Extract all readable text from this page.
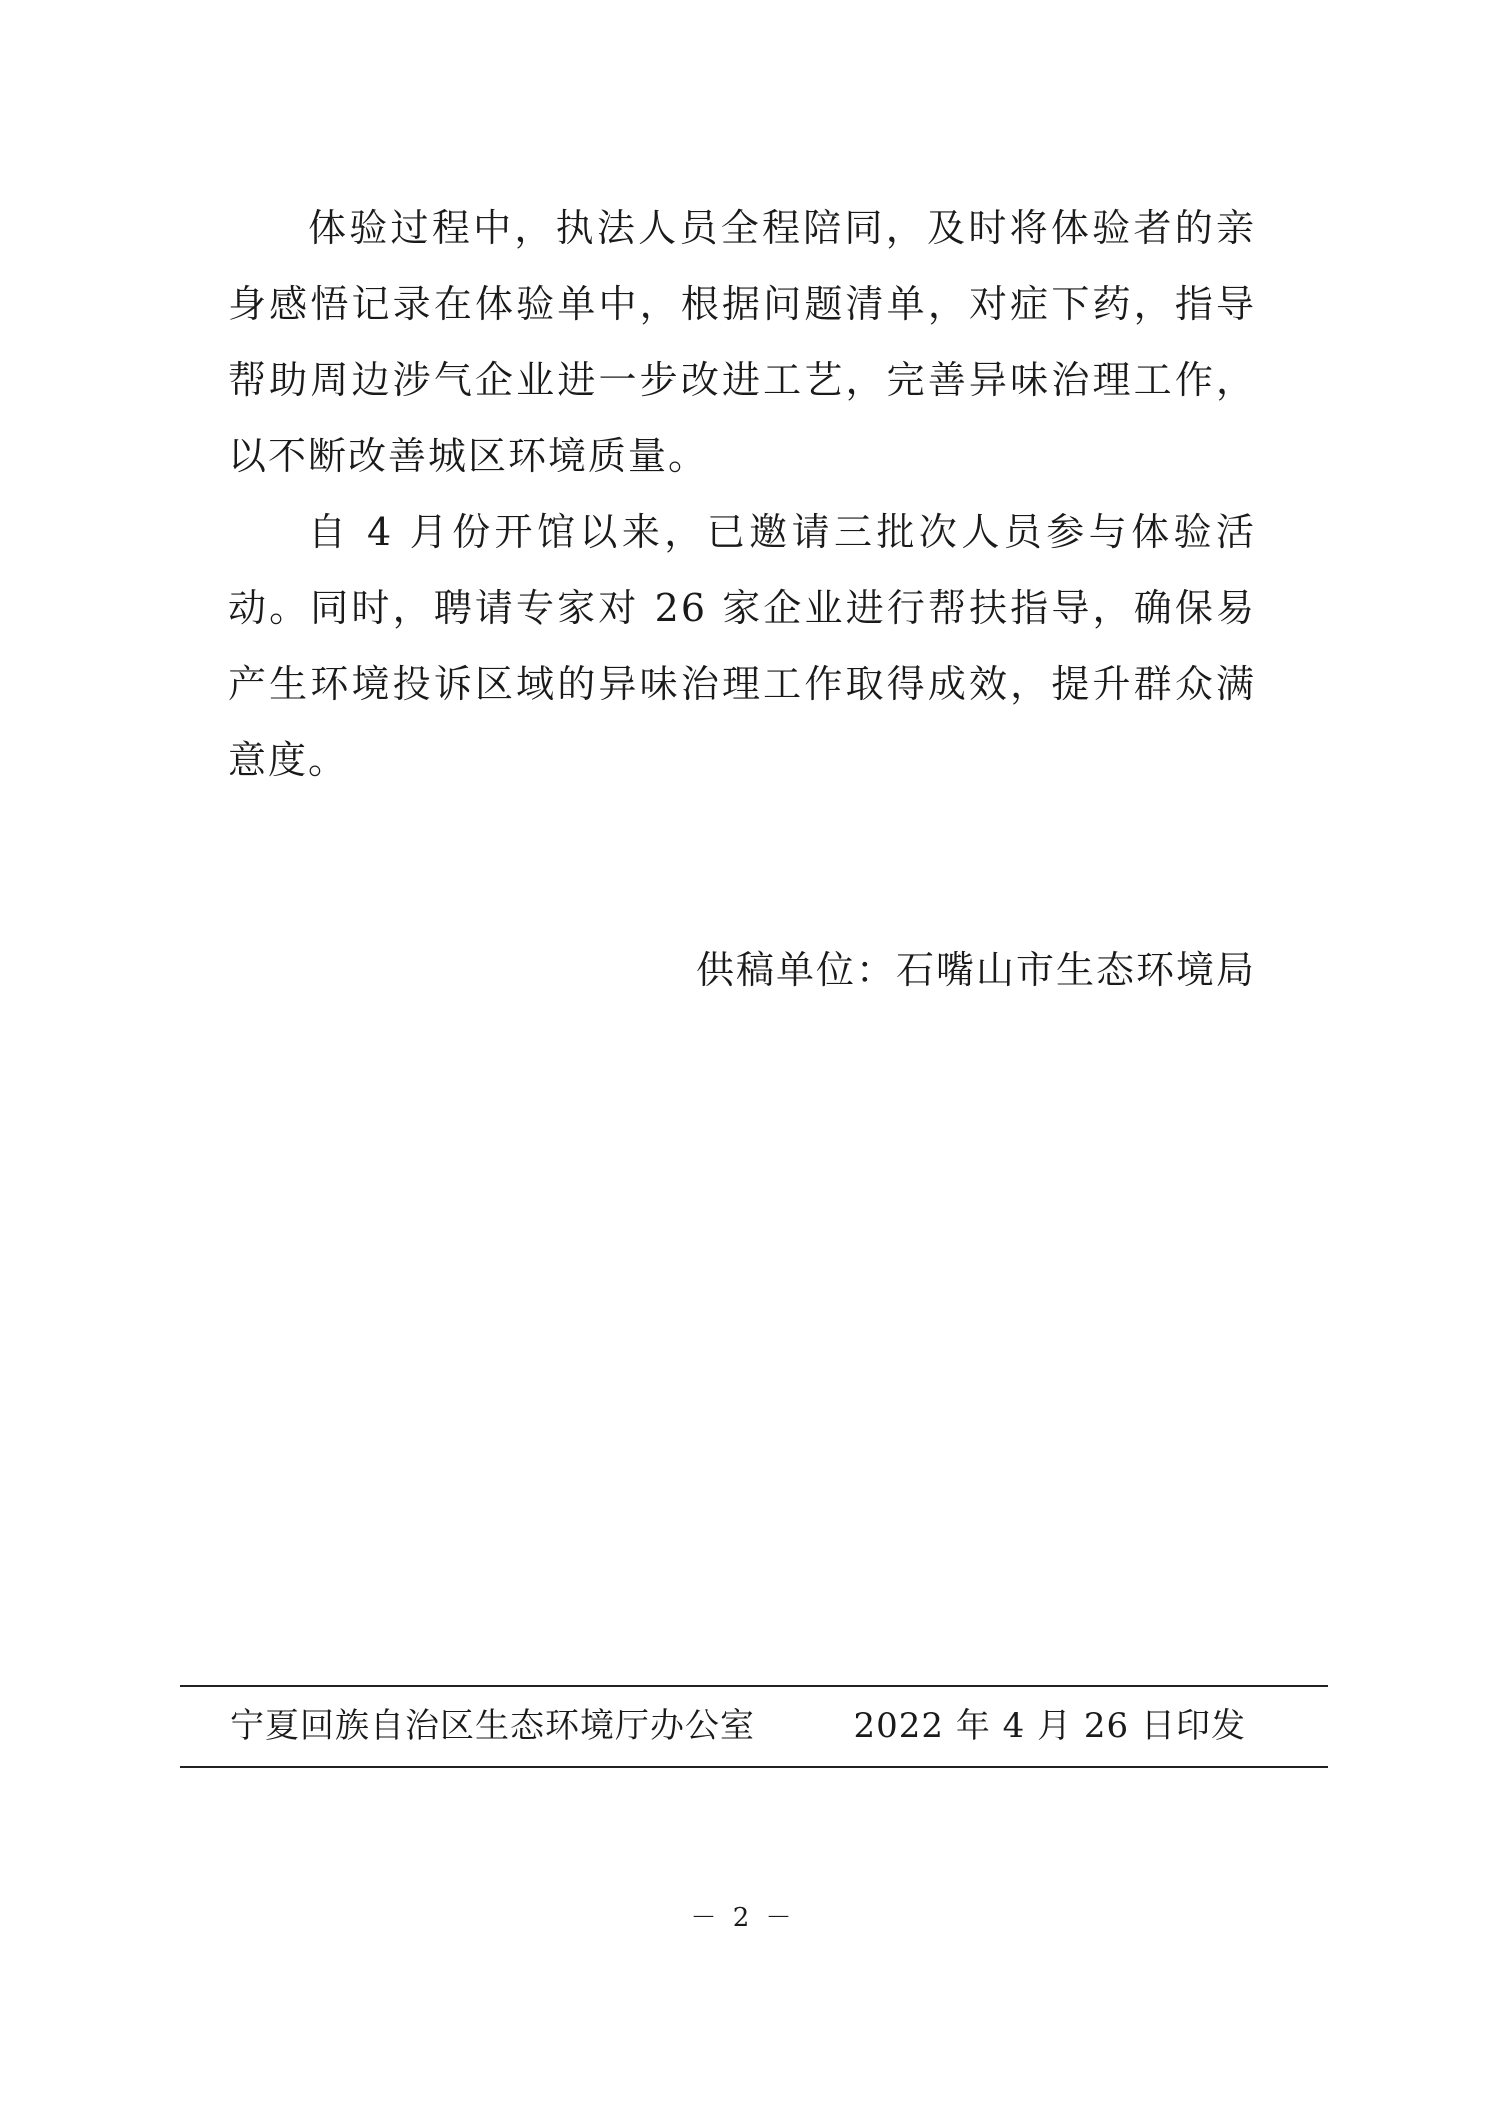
体验过程中，执法人员全程陪同，及时将体验者的亲身感悟记录在体验单中，根据问题清单，对症下药，指导帮助周边涉气企业进一步改进工艺，完善异味治理工作，以不断改善城区环境质量。

自 4 月份开馆以来，已邀请三批次人员参与体验活动。同时，聘请专家对 26 家企业进行帮扶指导，确保易产生环境投诉区域的异味治理工作取得成效，提升群众满意度。

供稿单位：石嘴山市生态环境局
宁夏回族自治区生态环境厅办公室	2022 年 4 月 26 日印发
－ 2 －
